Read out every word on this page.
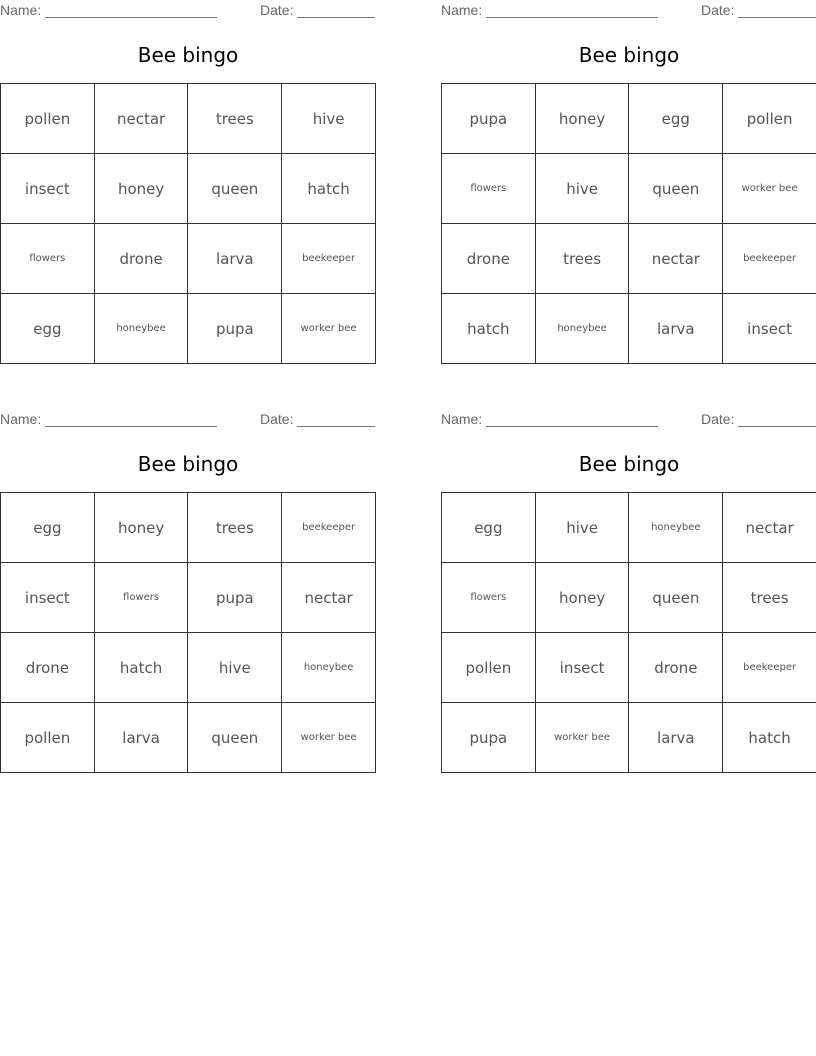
Name:	Date:
Bee bingo
pollen	nectar	trees	hive
insect	honey	queen	hatch
flowers	drone	larva	beekeeper
egg	honeybee	pupa	worker bee
Name:	Date:
Bee bingo
pupa	honey	egg	pollen
flowers	hive	queen	worker bee
drone	trees	nectar	beekeeper
hatch	honeybee	larva	insect
Name:	Date:
Bee bingo
egg	honey	trees	beekeeper
insect	flowers	pupa	nectar
drone	hatch	hive	honeybee
pollen	larva	queen	worker bee
Name:	Date:
Bee bingo
egg	hive	honeybee	nectar
flowers	honey	queen	trees
pollen	insect	drone	beekeeper
pupa	worker bee	larva	hatch
